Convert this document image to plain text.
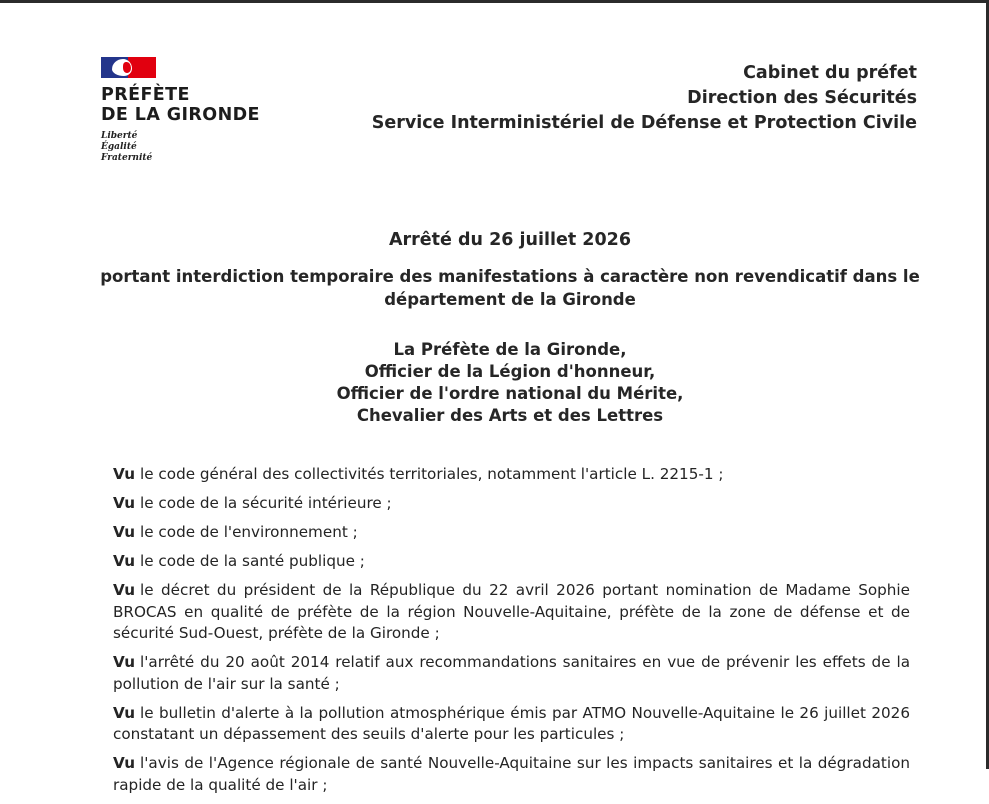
PRÉFÈTE
DE LA GIRONDE
Liberté
Égalité
Fraternité
Cabinet du préfet
Direction des Sécurités
Service Interministériel de Défense et Protection Civile
Arrêté du 26 juillet 2026
portant interdiction temporaire des manifestations à caractère non revendicatif dans le
département de la Gironde
La Préfète de la Gironde,
Officier de la Légion d'honneur,
Officier de l'ordre national du Mérite,
Chevalier des Arts et des Lettres
Vu le code général des collectivités territoriales, notamment l'article L. 2215-1 ;
Vu le code de la sécurité intérieure ;
Vu le code de l'environnement ;
Vu le code de la santé publique ;
Vu le décret du président de la République du 22 avril 2026 portant nomination de Madame Sophie BROCAS en qualité de préfète de la région Nouvelle-Aquitaine, préfète de la zone de défense et de sécurité Sud-Ouest, préfète de la Gironde ;
Vu l'arrêté du 20 août 2014 relatif aux recommandations sanitaires en vue de prévenir les effets de la pollution de l'air sur la santé ;
Vu le bulletin d'alerte à la pollution atmosphérique émis par ATMO Nouvelle-Aquitaine le 26 juillet 2026 constatant un dépassement des seuils d'alerte pour les particules ;
Vu l'avis de l'Agence régionale de santé Nouvelle-Aquitaine sur les impacts sanitaires et la dégradation rapide de la qualité de l'air ;
